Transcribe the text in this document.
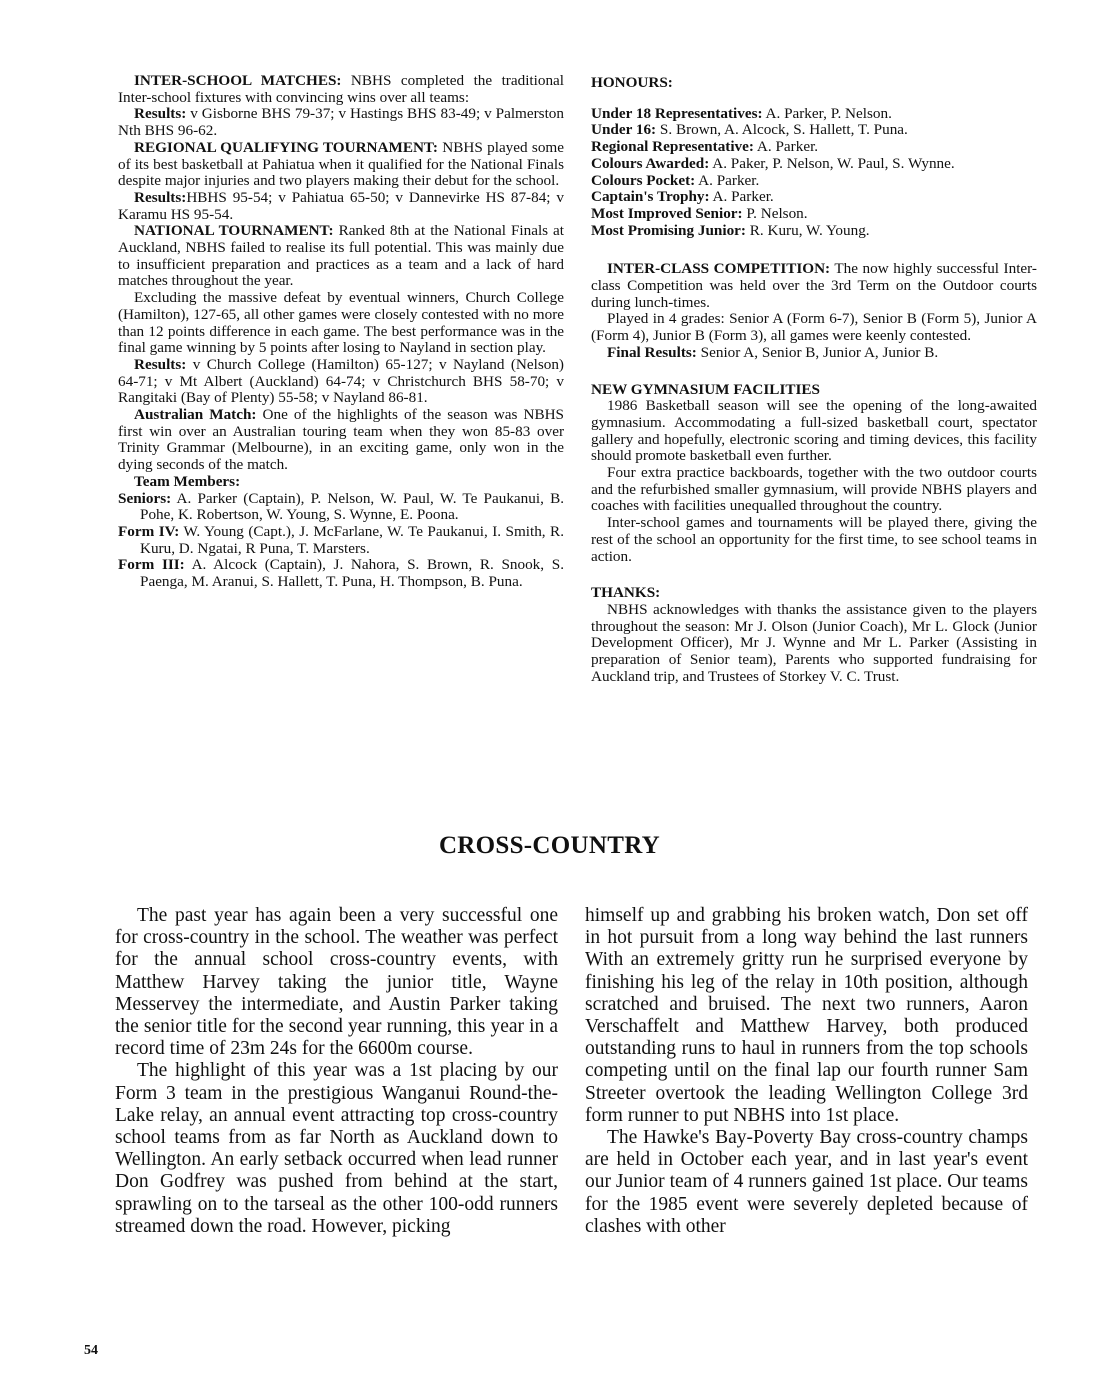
INTER-SCHOOL MATCHES: NBHS completed the traditional Inter-school fixtures with convincing wins over all teams:

Results: v Gisborne BHS 79-37; v Hastings BHS 83-49; v Palmerston Nth BHS 96-62.

REGIONAL QUALIFYING TOURNAMENT: NBHS played some of its best basketball at Pahiatua when it qualified for the National Finals despite major injuries and two players making their debut for the school.

Results:HBHS 95-54; v Pahiatua 65-50; v Dannevirke HS 87-84; v Karamu HS 95-54.

NATIONAL TOURNAMENT: Ranked 8th at the National Finals at Auckland, NBHS failed to realise its full potential. This was mainly due to insufficient preparation and practices as a team and a lack of hard matches throughout the year.

Excluding the massive defeat by eventual winners, Church College (Hamilton), 127-65, all other games were closely contested with no more than 12 points difference in each game. The best performance was in the final game winning by 5 points after losing to Nayland in section play.

Results: v Church College (Hamilton) 65-127; v Nayland (Nelson) 64-71; v Mt Albert (Auckland) 64-74; v Christchurch BHS 58-70; v Rangitaki (Bay of Plenty) 55-58; v Nayland 86-81.

Australian Match: One of the highlights of the season was NBHS first win over an Australian touring team when they won 85-83 over Trinity Grammar (Melbourne), in an exciting game, only won in the dying seconds of the match.

Team Members:

Seniors: A. Parker (Captain), P. Nelson, W. Paul, W. Te Paukanui, B. Pohe, K. Robertson, W. Young, S. Wynne, E. Poona.

Form IV: W. Young (Capt.), J. McFarlane, W. Te Paukanui, I. Smith, R. Kuru, D. Ngatai, R Puna, T. Marsters.

Form III: A. Alcock (Captain), J. Nahora, S. Brown, R. Snook, S. Paenga, M. Aranui, S. Hallett, T. Puna, H. Thompson, B. Puna.

HONOURS:

Under 18 Representatives: A. Parker, P. Nelson.

Under 16: S. Brown, A. Alcock, S. Hallett, T. Puna.

Regional Representative: A. Parker.

Colours Awarded: A. Paker, P. Nelson, W. Paul, S. Wynne.

Colours Pocket: A. Parker.

Captain's Trophy: A. Parker.

Most Improved Senior: P. Nelson.

Most Promising Junior: R. Kuru, W. Young.

INTER-CLASS COMPETITION: The now highly successful Inter-class Competition was held over the 3rd Term on the Outdoor courts during lunch-times.

Played in 4 grades: Senior A (Form 6-7), Senior B (Form 5), Junior A (Form 4), Junior B (Form 3), all games were keenly contested.

Final Results: Senior A, Senior B, Junior A, Junior B.

NEW GYMNASIUM FACILITIES

1986 Basketball season will see the opening of the long-awaited gymnasium. Accommodating a full-sized basketball court, spectator gallery and hopefully, electronic scoring and timing devices, this facility should promote basketball even further.

Four extra practice backboards, together with the two outdoor courts and the refurbished smaller gymnasium, will provide NBHS players and coaches with facilities unequalled throughout the country.

Inter-school games and tournaments will be played there, giving the rest of the school an opportunity for the first time, to see school teams in action.

THANKS:

NBHS acknowledges with thanks the assistance given to the players throughout the season: Mr J. Olson (Junior Coach), Mr L. Glock (Junior Development Officer), Mr J. Wynne and Mr L. Parker (Assisting in preparation of Senior team), Parents who supported fundraising for Auckland trip, and Trustees of Storkey V. C. Trust.

CROSS-COUNTRY

The past year has again been a very successful one for cross-country in the school. The weather was perfect for the annual school cross-country events, with Matthew Harvey taking the junior title, Wayne Messervey the intermediate, and Austin Parker taking the senior title for the second year running, this year in a record time of 23m 24s for the 6600m course.

The highlight of this year was a 1st placing by our Form 3 team in the prestigious Wanganui Round-the-Lake relay, an annual event attracting top cross-country school teams from as far North as Auckland down to Wellington. An early setback occurred when lead runner Don Godfrey was pushed from behind at the start, sprawling on to the tarseal as the other 100-odd runners streamed down the road. However, picking

himself up and grabbing his broken watch, Don set off in hot pursuit from a long way behind the last runners With an extremely gritty run he surprised everyone by finishing his leg of the relay in 10th position, although scratched and bruised. The next two runners, Aaron Verschaffelt and Matthew Harvey, both produced outstanding runs to haul in runners from the top schools competing until on the final lap our fourth runner Sam Streeter overtook the leading Wellington College 3rd form runner to put NBHS into 1st place.

The Hawke's Bay-Poverty Bay cross-country champs are held in October each year, and in last year's event our Junior team of 4 runners gained 1st place. Our teams for the 1985 event were severely depleted because of clashes with other

54
